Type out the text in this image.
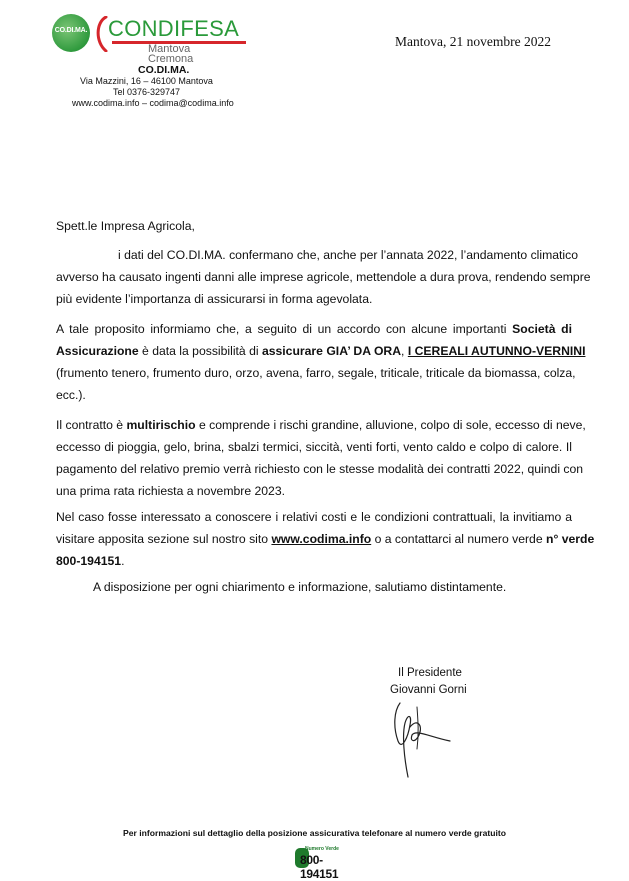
CO.DI.MA. CONDIFESA
Mantova
Cremona
CO.DI.MA.
Via Mazzini, 16 – 46100 Mantova
Tel 0376-329747
www.codima.info – codima@codima.info
Mantova, 21 novembre 2022
Spett.le Impresa Agricola,
i dati del CO.DI.MA. confermano che, anche per l’annata 2022, l’andamento climatico
avverso ha causato ingenti danni alle imprese agricole, mettendole a dura prova, rendendo sempre
più evidente l’importanza di assicurarsi in forma agevolata.
A tale proposito informiamo che, a seguito di un accordo con alcune importanti Società di
Assicurazione è data la possibilità di assicurare GIA’ DA ORA, I CEREALI AUTUNNO-VERNINI
(frumento tenero, frumento duro, orzo, avena, farro, segale, triticale, triticale da biomassa, colza,
ecc.).
Il contratto è multirischio e comprende i rischi grandine, alluvione, colpo di sole, eccesso di neve,
eccesso di pioggia, gelo, brina, sbalzi termici, siccità, venti forti, vento caldo e colpo di calore. Il
pagamento del relativo premio verrà richiesto con le stesse modalità dei contratti 2022, quindi con
una prima rata richiesta a novembre 2023.
Nel caso fosse interessato a conoscere i relativi costi e le condizioni contrattuali, la invitiamo a
visitare apposita sezione sul nostro sito www.codima.info o a contattarci al numero verde n° verde
800-194151.
A disposizione per ogni chiarimento e informazione, salutiamo distintamente.
Il Presidente
Giovanni Gorni
Per informazioni sul dettaglio della posizione assicurativa telefonare al numero verde gratuito
Numero Verde
800-194151
